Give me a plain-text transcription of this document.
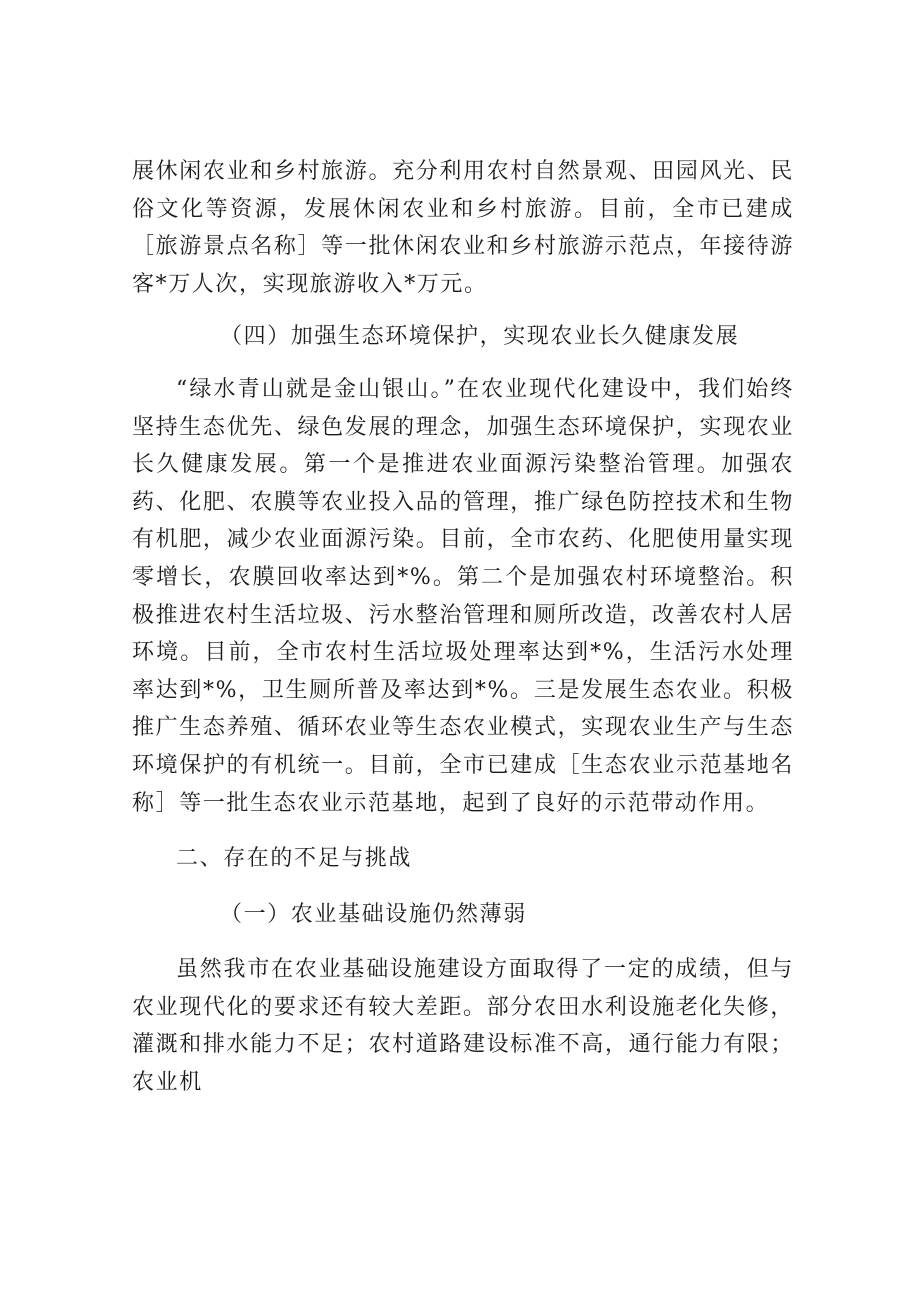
展休闲农业和乡村旅游。充分利用农村自然景观、田园风光、民俗文化等资源，发展休闲农业和乡村旅游。目前，全市已建成［旅游景点名称］等一批休闲农业和乡村旅游示范点，年接待游客*万人次，实现旅游收入*万元。

（四）加强生态环境保护，实现农业长久健康发展

“绿水青山就是金山银山。”在农业现代化建设中，我们始终坚持生态优先、绿色发展的理念，加强生态环境保护，实现农业长久健康发展。第一个是推进农业面源污染整治管理。加强农药、化肥、农膜等农业投入品的管理，推广绿色防控技术和生物有机肥，减少农业面源污染。目前，全市农药、化肥使用量实现零增长，农膜回收率达到*%。第二个是加强农村环境整治。积极推进农村生活垃圾、污水整治管理和厕所改造，改善农村人居环境。目前，全市农村生活垃圾处理率达到*%，生活污水处理率达到*%，卫生厕所普及率达到*%。三是发展生态农业。积极推广生态养殖、循环农业等生态农业模式，实现农业生产与生态环境保护的有机统一。目前，全市已建成［生态农业示范基地名称］等一批生态农业示范基地，起到了良好的示范带动作用。

二、存在的不足与挑战

（一）农业基础设施仍然薄弱

虽然我市在农业基础设施建设方面取得了一定的成绩，但与农业现代化的要求还有较大差距。部分农田水利设施老化失修，灌溉和排水能力不足；农村道路建设标准不高，通行能力有限；农业机
